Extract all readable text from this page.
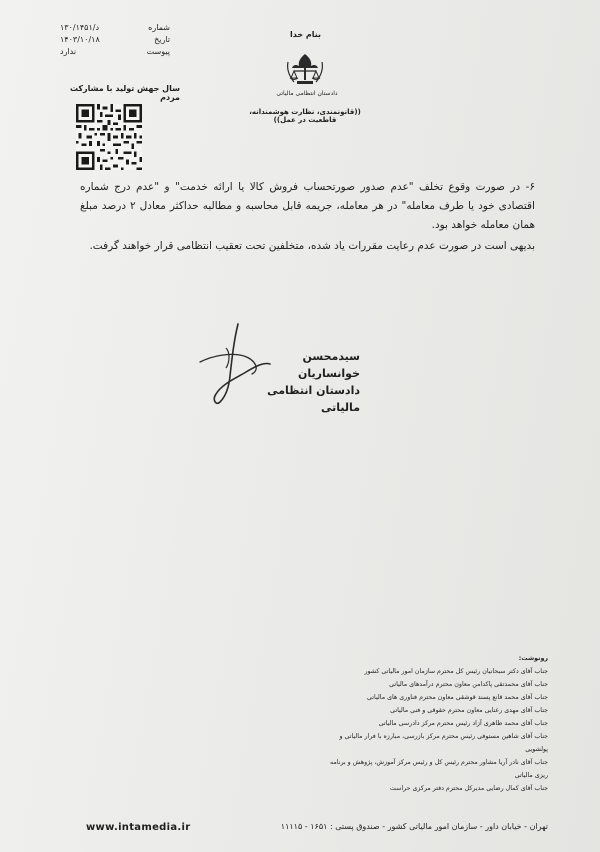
شماره
د/۱۳۰/۱۴۵۱
تاریخ
۱۴۰۳/۱۰/۱۸
پیوست
ندارد
سال جهش تولید با مشارکت مردم
بنام خدا
دادستان انتظامی مالیاتی
((قانونمندی، نظارت هوشمندانه، قاطعیت در عمل))

۶- در صورت وقوع تخلف "عدم صدور صورتحساب فروش کالا یا ارائه خدمت" و "عدم درج شماره اقتصادی خود یا طرف معامله" در هر معامله، جریمه قابل محاسبه و مطالبه حداکثر معادل ۲ درصد مبلغ همان معامله خواهد بود.

بدیهی است در صورت عدم رعایت مقررات یاد شده، متخلفین تحت تعقیب انتظامی قرار خواهند گرفت.

سیدمحسن خوانساریان
دادستان انتظامی مالیاتی
رونوشت:
جناب آقای دکتر سبحانیان رئیس کل محترم سازمان امور مالیاتی کشور
جناب آقای محمدتقی پاکدامن معاون محترم درآمدهای مالیاتی
جناب آقای محمد قانع پسند قوشقی معاون محترم فناوری های مالیاتی
جناب آقای مهدی رعنایی معاون محترم حقوقی و فنی مالیاتی
جناب آقای محمد طاهری آزاد رئیس محترم مرکز دادرسی مالیاتی
جناب آقای شاهین مستوفی رئیس محترم مرکز بازرسی، مبارزه با فرار مالیاتی و پولشویی
جناب آقای نادر آریا مشاور محترم رئیس کل و رئیس مرکز آموزش، پژوهش و برنامه ریزی مالیاتی
جناب آقای کمال رضایی مدیرکل محترم دفتر مرکزی حراست
www.intamedia.ir	تهران - خیابان داور - سازمان امور مالیاتی کشور - صندوق پستی : ۱۶۵۱ - ۱۱۱۱۵
